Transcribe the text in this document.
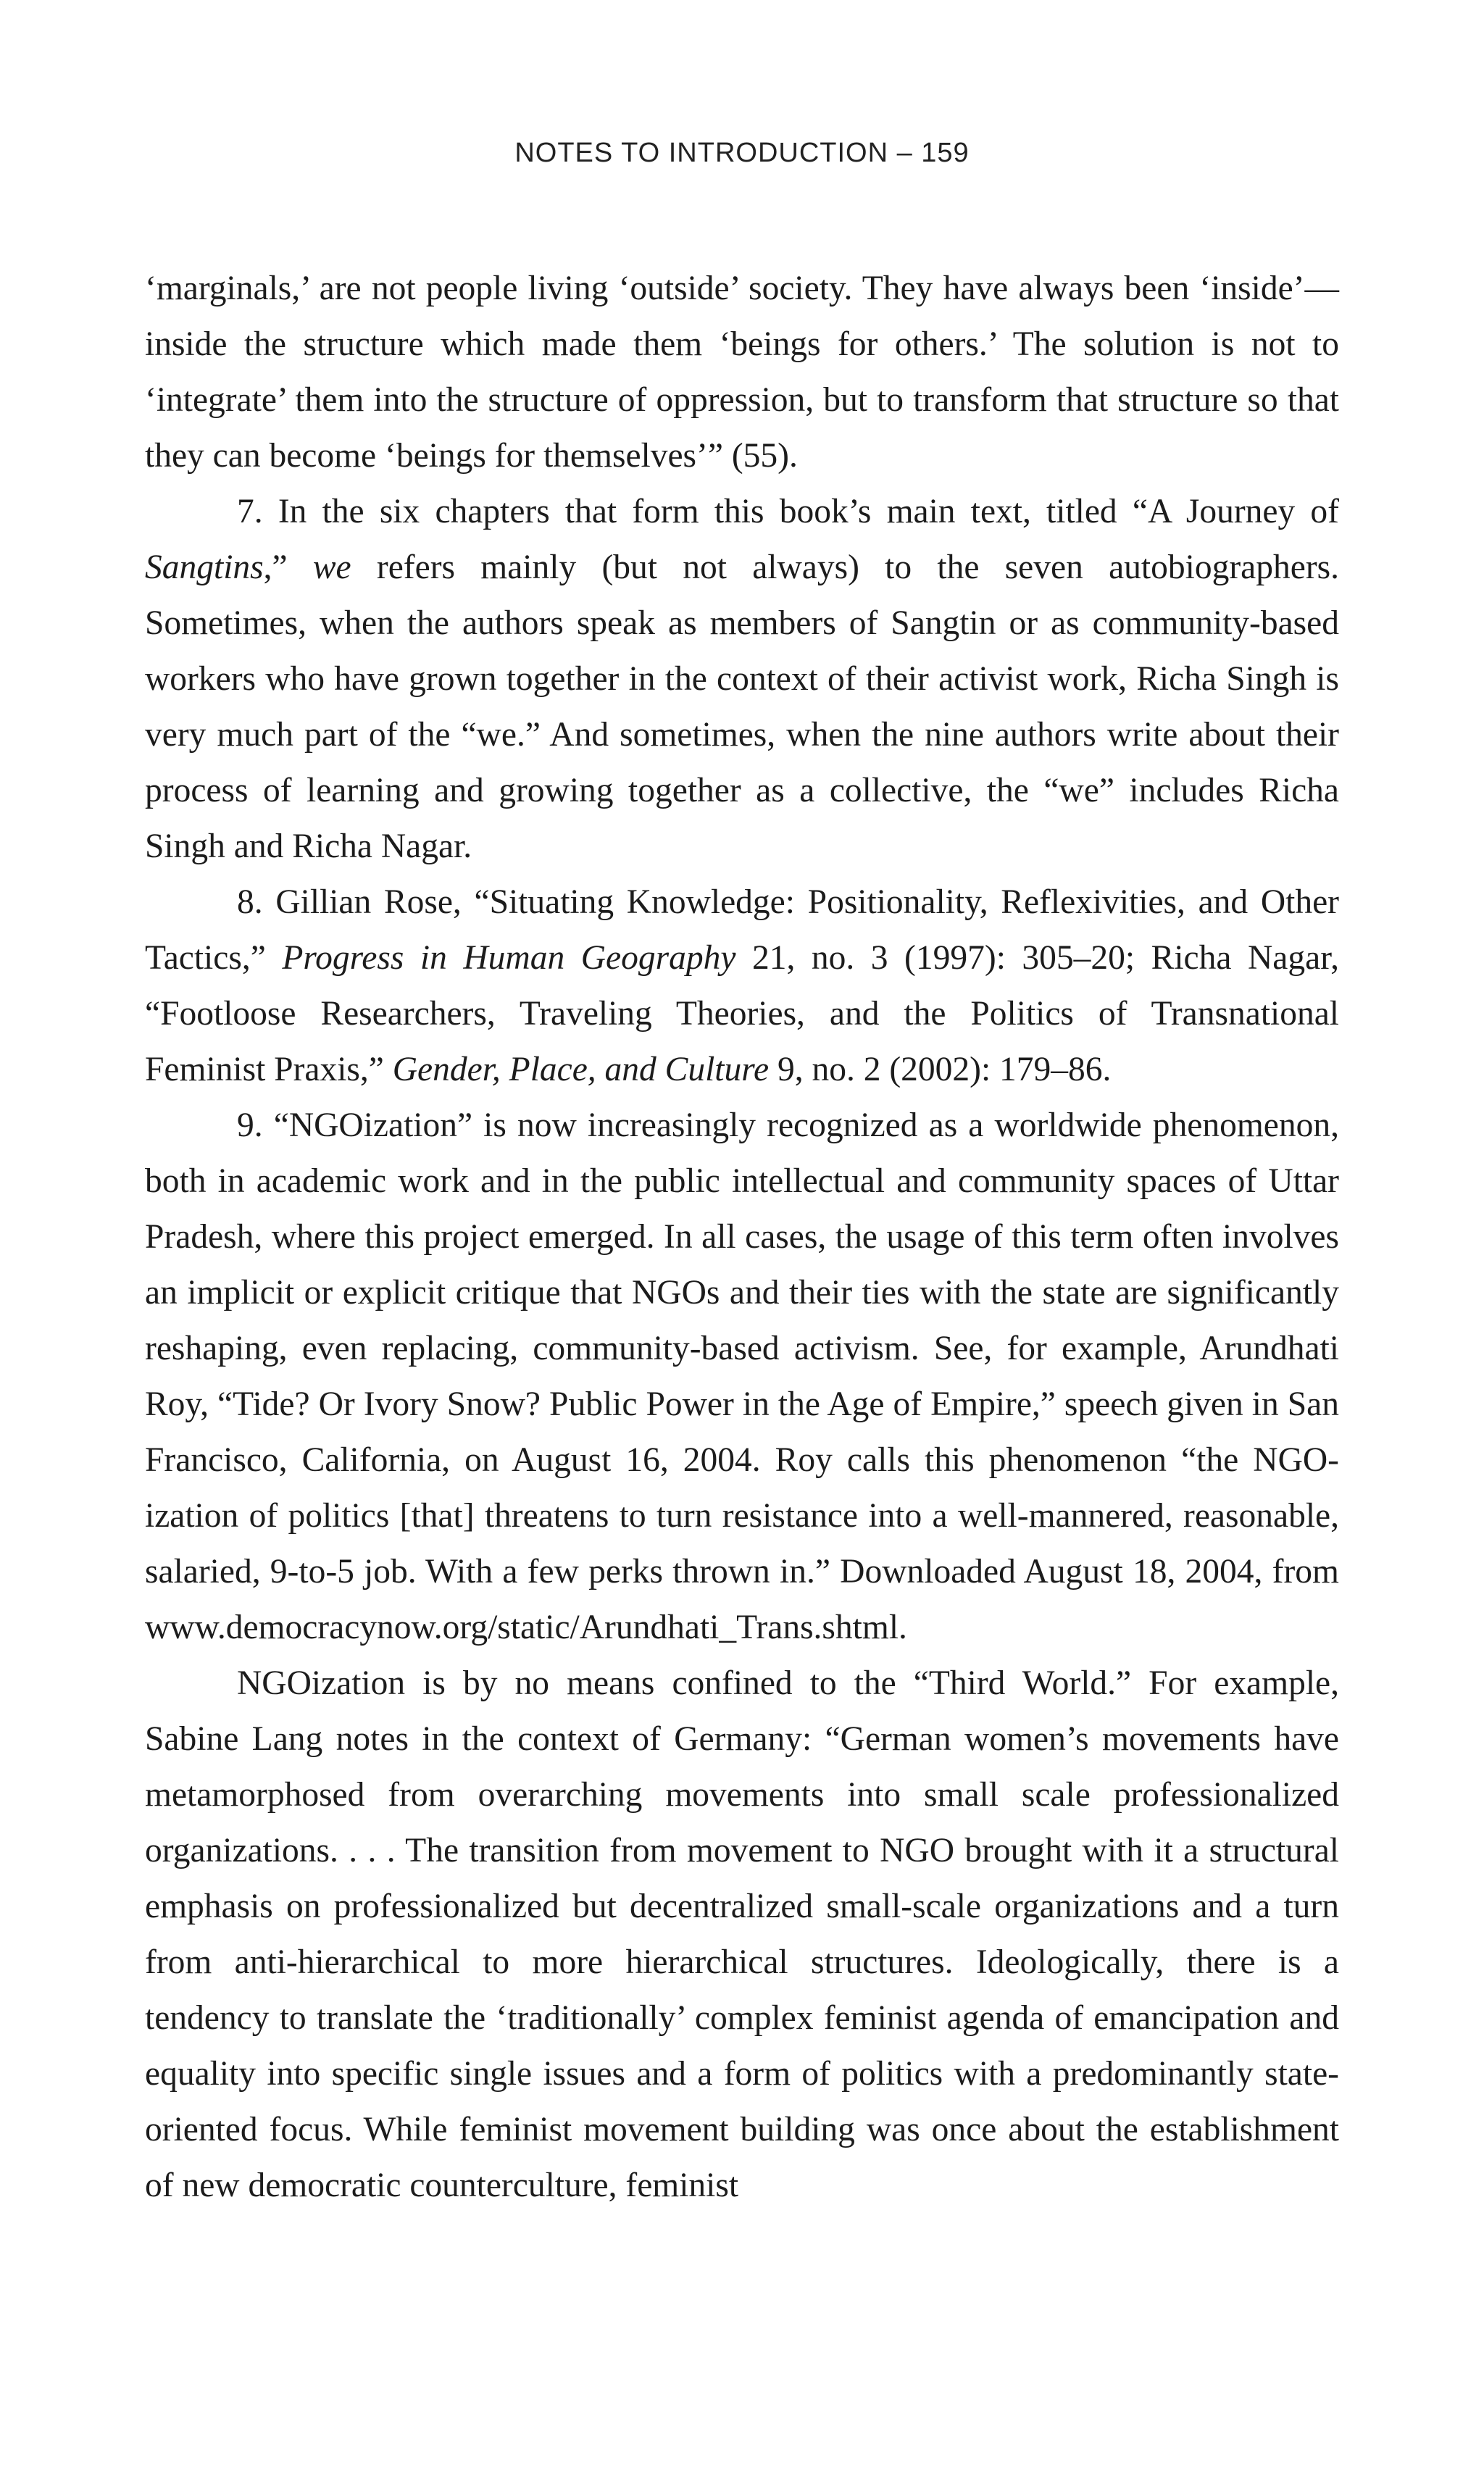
NOTES TO INTRODUCTION – 159

‘marginals,’ are not people living ‘outside’ society. They have always been ‘inside’—inside the structure which made them ‘beings for others.’ The solution is not to ‘integrate’ them into the structure of oppression, but to transform that structure so that they can become ‘beings for themselves’” (55).

7. In the six chapters that form this book’s main text, titled “A Journey of Sangtins,” we refers mainly (but not always) to the seven autobiographers. Sometimes, when the authors speak as members of Sangtin or as community-based workers who have grown together in the context of their activist work, Richa Singh is very much part of the “we.” And sometimes, when the nine authors write about their process of learning and growing together as a collective, the “we” includes Richa Singh and Richa Nagar.

8. Gillian Rose, “Situating Knowledge: Positionality, Reflexivities, and Other Tactics,” Progress in Human Geography 21, no. 3 (1997): 305–20; Richa Nagar, “Footloose Researchers, Traveling Theories, and the Politics of Transnational Feminist Praxis,” Gender, Place, and Culture 9, no. 2 (2002): 179–86.

9. “NGOization” is now increasingly recognized as a worldwide phenomenon, both in academic work and in the public intellectual and community spaces of Uttar Pradesh, where this project emerged. In all cases, the usage of this term often involves an implicit or explicit critique that NGOs and their ties with the state are significantly reshaping, even replacing, community-based activism. See, for example, Arundhati Roy, “Tide? Or Ivory Snow? Public Power in the Age of Empire,” speech given in San Francisco, California, on August 16, 2004. Roy calls this phenomenon “the NGO-ization of politics [that] threatens to turn resistance into a well-mannered, reasonable, salaried, 9-to-5 job. With a few perks thrown in.” Downloaded August 18, 2004, from www.democracynow.org/static/Arundhati_Trans.shtml.

NGOization is by no means confined to the “Third World.” For example, Sabine Lang notes in the context of Germany: “German women’s movements have metamorphosed from overarching movements into small scale professionalized organizations. . . . The transition from movement to NGO brought with it a structural emphasis on professionalized but decentralized small-scale organizations and a turn from anti-hierarchical to more hierarchical structures. Ideologically, there is a tendency to translate the ‘traditionally’ complex feminist agenda of emancipation and equality into specific single issues and a form of politics with a predominantly state-oriented focus. While feminist movement building was once about the establishment of new democratic counterculture, feminist
